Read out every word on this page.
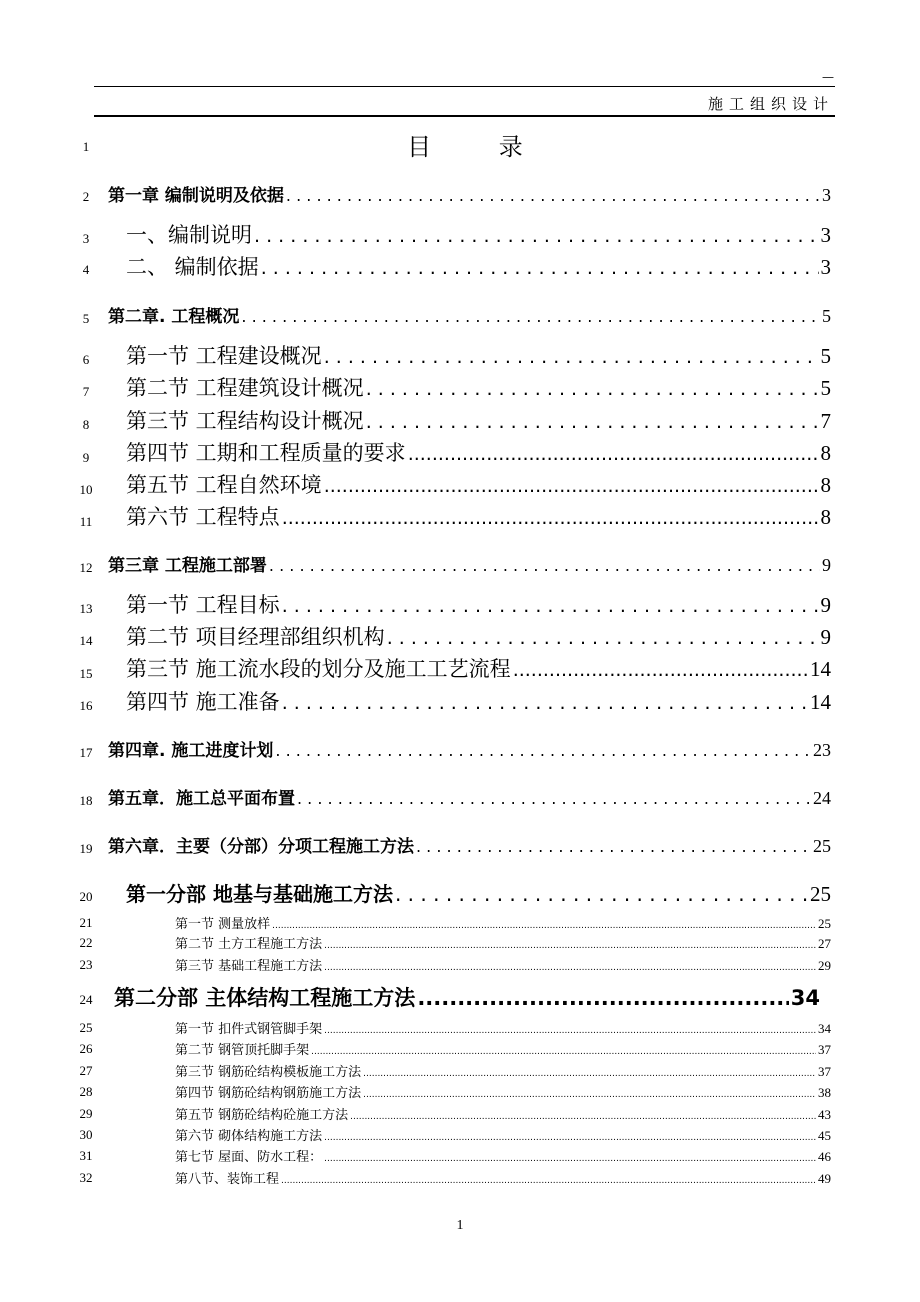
—
施工组织设计
1	目 录
2	第一章 编制说明及依据 . . .	3
3	一、编制说明 . . .	3
4	二、 编制依据 . . .	3
5	第二章. 工程概况 . . .	5
6	第一节 工程建设概况 . . .	5
7	第二节 工程建筑设计概况 . . .	5
8	第三节 工程结构设计概况 . . .	7
9	第四节 工期和工程质量的要求 .....	8
10	第五节 工程自然环境 .....	8
11	第六节 工程特点 .....	8
12 第三章 工程施工部署 . . .	9
13	第一节 工程目标 . . .	9
14	第二节 项目经理部组织机构 . . .	9
15	第三节 施工流水段的划分及施工工艺流程 .....	14
16	第四节 施工准备 . . .	14
17 第四章. 施工进度计划 . . .	23
18 第五章．施工总平面布置 . . .	24
19 第六章．主要（分部）分项工程施工方法 . . .	25
20	第一分部 地基与基础施工方法 . . .	25
21	第一节 测量放样 .....	25
22	第二节 土方工程施工方法 .....	27
23	第三节 基础工程施工方法 .....	29
24	第二分部 主体结构工程施工方法 .....	34
25	第一节 扣件式钢管脚手架 .....	34
26	第二节 钢管顶托脚手架 .....	37
27	第三节 钢筋砼结构模板施工方法 .....	37
28	第四节 钢筋砼结构钢筋施工方法 .....	38
29	第五节 钢筋砼结构砼施工方法 .....	43
30	第六节 砌体结构施工方法 .....	45
31	第七节 屋面、防水工程： .....	46
32	第八节、装饰工程 .....	49
1
